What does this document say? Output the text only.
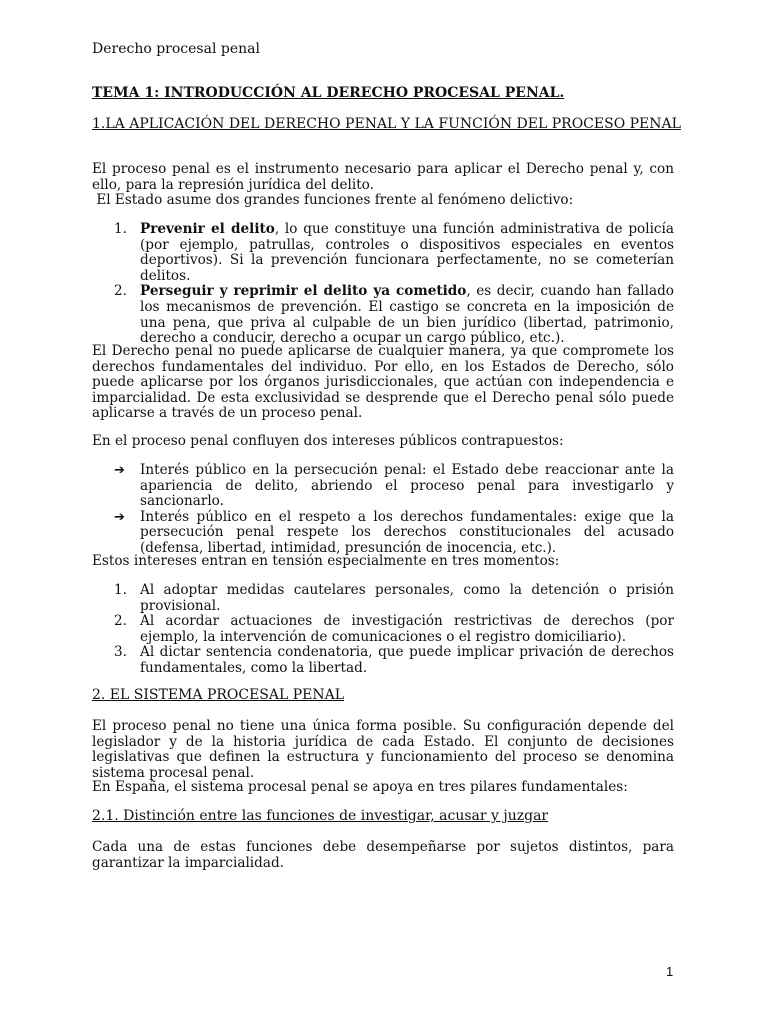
Derecho procesal penal
TEMA 1: INTRODUCCIÓN AL DERECHO PROCESAL PENAL.
1.LA APLICACIÓN DEL DERECHO PENAL Y LA FUNCIÓN DEL PROCESO PENAL
El proceso penal es el instrumento necesario para aplicar el Derecho penal y, con ello, para la represión jurídica del delito.
El Estado asume dos grandes funciones frente al fenómeno delictivo:
1. Prevenir el delito, lo que constituye una función administrativa de policía (por ejemplo, patrullas, controles o dispositivos especiales en eventos deportivos). Si la prevención funcionara perfectamente, no se cometerían delitos.
2. Perseguir y reprimir el delito ya cometido, es decir, cuando han fallado los mecanismos de prevención. El castigo se concreta en la imposición de una pena, que priva al culpable de un bien jurídico (libertad, patrimonio, derecho a conducir, derecho a ocupar un cargo público, etc.).
El Derecho penal no puede aplicarse de cualquier manera, ya que compromete los derechos fundamentales del individuo. Por ello, en los Estados de Derecho, sólo puede aplicarse por los órganos jurisdiccionales, que actúan con independencia e imparcialidad. De esta exclusividad se desprende que el Derecho penal sólo puede aplicarse a través de un proceso penal.
En el proceso penal confluyen dos intereses públicos contrapuestos:
➔ Interés público en la persecución penal: el Estado debe reaccionar ante la apariencia de delito, abriendo el proceso penal para investigarlo y sancionarlo.
➔ Interés público en el respeto a los derechos fundamentales: exige que la persecución penal respete los derechos constitucionales del acusado (defensa, libertad, intimidad, presunción de inocencia, etc.).
Estos intereses entran en tensión especialmente en tres momentos:
1. Al adoptar medidas cautelares personales, como la detención o prisión provisional.
2. Al acordar actuaciones de investigación restrictivas de derechos (por ejemplo, la intervención de comunicaciones o el registro domiciliario).
3. Al dictar sentencia condenatoria, que puede implicar privación de derechos fundamentales, como la libertad.
2. EL SISTEMA PROCESAL PENAL
El proceso penal no tiene una única forma posible. Su configuración depende del legislador y de la historia jurídica de cada Estado. El conjunto de decisiones legislativas que definen la estructura y funcionamiento del proceso se denomina sistema procesal penal.
En España, el sistema procesal penal se apoya en tres pilares fundamentales:
2.1. Distinción entre las funciones de investigar, acusar y juzgar
Cada una de estas funciones debe desempeñarse por sujetos distintos, para garantizar la imparcialidad.
1
